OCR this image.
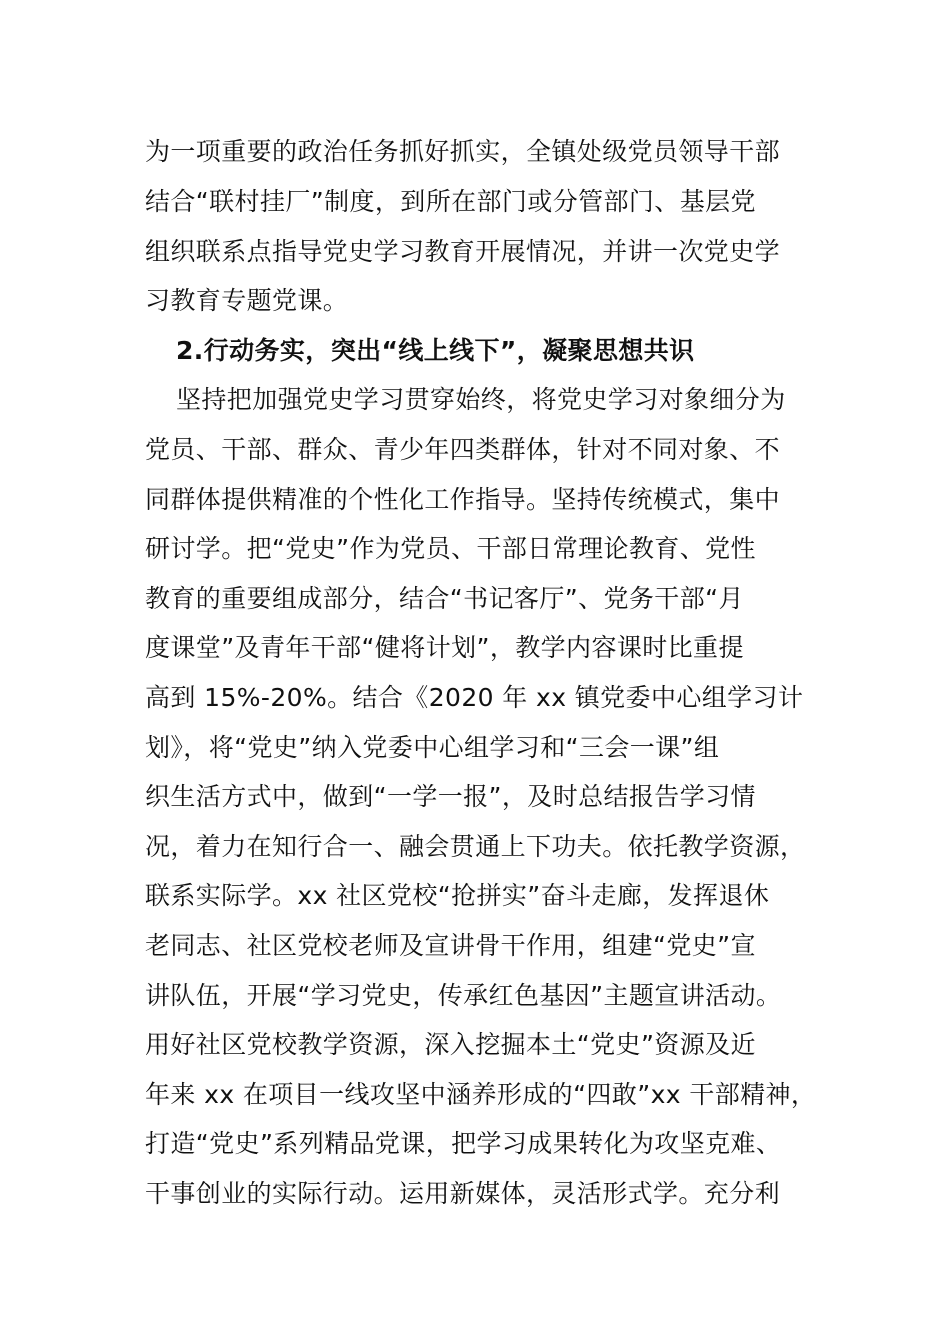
为一项重要的政治任务抓好抓实，全镇处级党员领导干部
结合“联村挂厂”制度，到所在部门或分管部门、基层党
组织联系点指导党史学习教育开展情况，并讲一次党史学
习教育专题党课。
2.行动务实，突出“线上线下”，凝聚思想共识
坚持把加强党史学习贯穿始终，将党史学习对象细分为
党员、干部、群众、青少年四类群体，针对不同对象、不
同群体提供精准的个性化工作指导。坚持传统模式，集中
研讨学。把“党史”作为党员、干部日常理论教育、党性
教育的重要组成部分，结合“书记客厅”、党务干部“月
度课堂”及青年干部“健将计划”，教学内容课时比重提
高到 15%-20%。结合《2020 年 xx 镇党委中心组学习计
划》，将“党史”纳入党委中心组学习和“三会一课”组
织生活方式中，做到“一学一报”，及时总结报告学习情
况，着力在知行合一、融会贯通上下功夫。依托教学资源，
联系实际学。xx 社区党校“抢拼实”奋斗走廊，发挥退休
老同志、社区党校老师及宣讲骨干作用，组建“党史”宣
讲队伍，开展“学习党史，传承红色基因”主题宣讲活动。
用好社区党校教学资源，深入挖掘本土“党史”资源及近
年来 xx 在项目一线攻坚中涵养形成的“四敢”xx 干部精神，
打造“党史”系列精品党课，把学习成果转化为攻坚克难、
干事创业的实际行动。运用新媒体，灵活形式学。充分利
